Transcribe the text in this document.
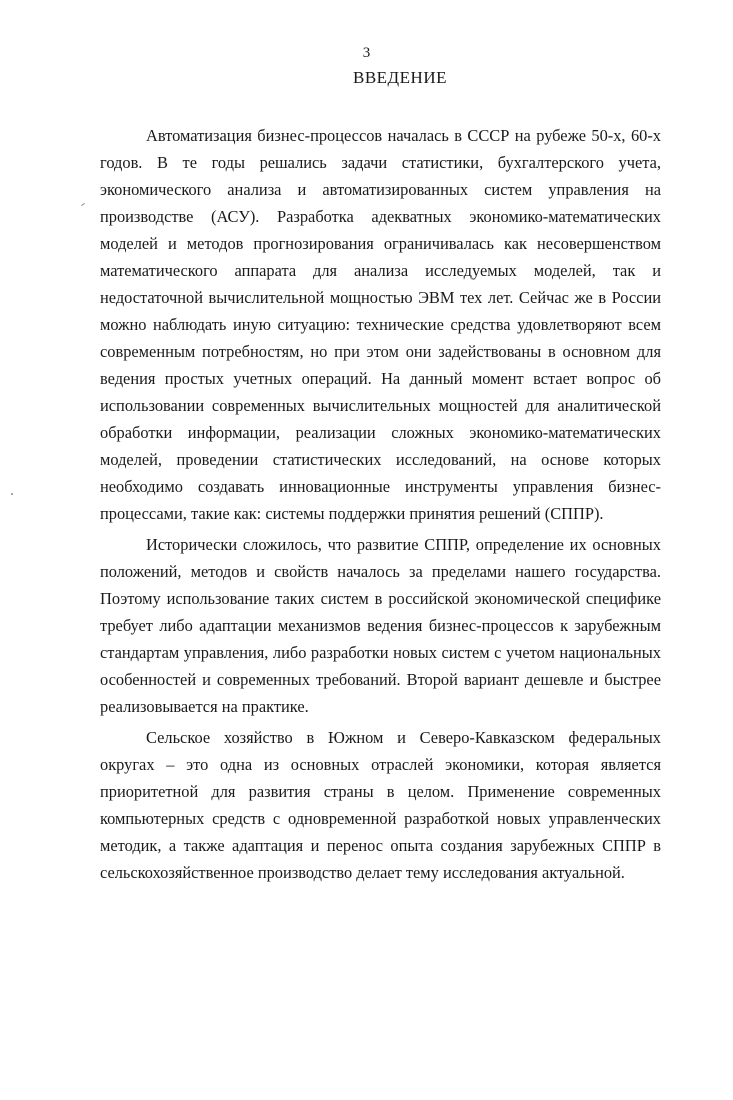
3
ВВЕДЕНИЕ

Автоматизация бизнес-процессов началась в СССР на рубеже 50-х, 60-х годов. В те годы решались задачи статистики, бухгалтерского учета, экономического анализа и автоматизированных систем управления на производстве (АСУ). Разработка адекватных экономико-математических моделей и методов прогнозирования ограничивалась как несовершенством математического аппарата для анализа исследуемых моделей, так и недостаточной вычислительной мощностью ЭВМ тех лет. Сейчас же в России можно наблюдать иную ситуацию: технические средства удовлетворяют всем современным потребностям, но при этом они задействованы в основном для ведения простых учетных операций. На данный момент встает вопрос об использовании современных вычислительных мощностей для аналитической обработки информации, реализации сложных экономико-математических моделей, проведении статистических исследований, на основе которых необходимо создавать инновационные инструменты управления бизнес-процессами, такие как: системы поддержки принятия решений (СППР).

Исторически сложилось, что развитие СППР, определение их основных положений, методов и свойств началось за пределами нашего государства. Поэтому использование таких систем в российской экономической специфике требует либо адаптации механизмов ведения бизнес-процессов к зарубежным стандартам управления, либо разработки новых систем с учетом национальных особенностей и современных требований. Второй вариант дешевле и быстрее реализовывается на практике.

Сельское хозяйство в Южном и Северо-Кавказском федеральных округах – это одна из основных отраслей экономики, которая является приоритетной для развития страны в целом. Применение современных компьютерных средств с одновременной разработкой новых управленческих методик, а также адаптация и перенос опыта создания зарубежных СППР в сельскохозяйственное производство делает тему исследования актуальной.
